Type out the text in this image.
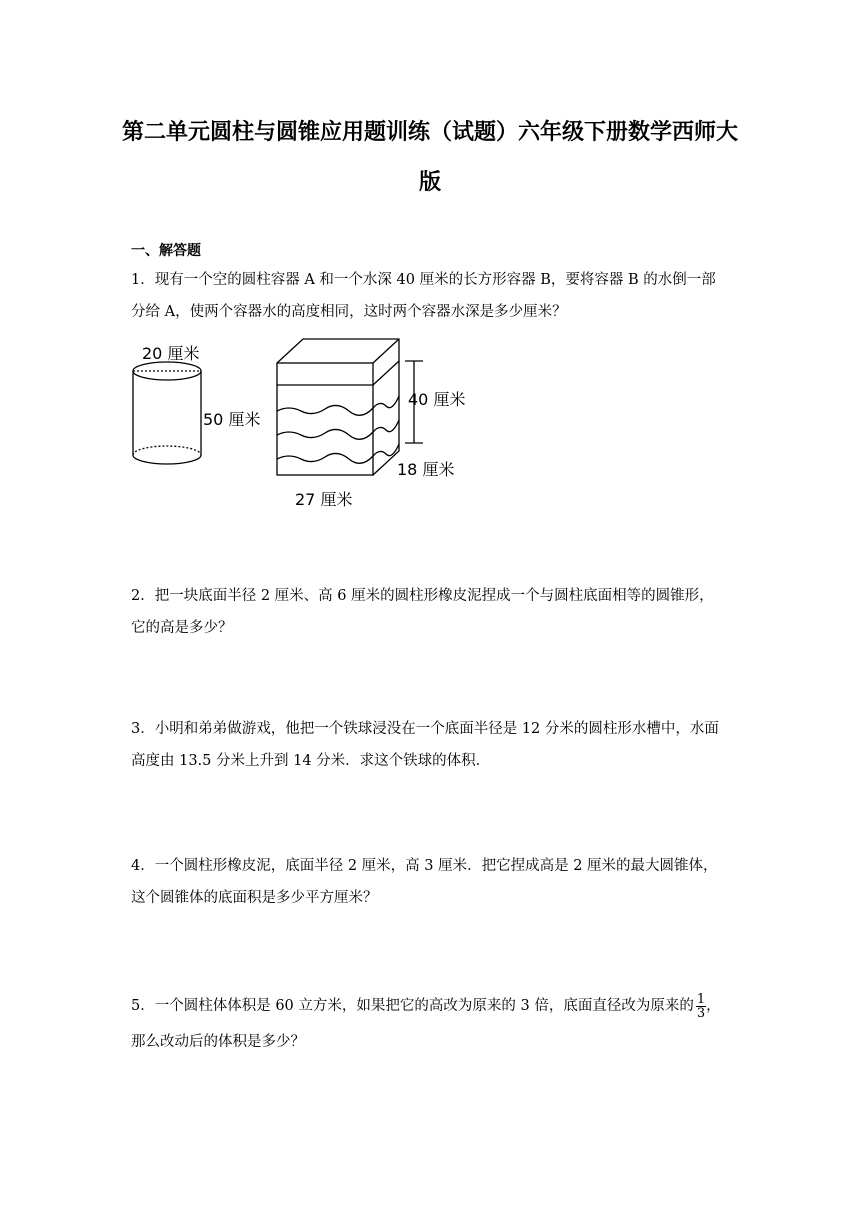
第二单元圆柱与圆锥应用题训练（试题）六年级下册数学西师大
版
一、解答题
1．现有一个空的圆柱容器 A 和一个水深 40 厘米的长方形容器 B，要将容器 B 的水倒一部
分给 A，使两个容器水的高度相同，这时两个容器水深是多少厘米？
20 厘米
50 厘米
40 厘米
18 厘米
27 厘米
2．把一块底面半径 2 厘米、高 6 厘米的圆柱形橡皮泥捏成一个与圆柱底面相等的圆锥形，
它的高是多少？
3．小明和弟弟做游戏，他把一个铁球浸没在一个底面半径是 12 分米的圆柱形水槽中，水面
高度由 13.5 分米上升到 14 分米．求这个铁球的体积．
4．一个圆柱形橡皮泥，底面半径 2 厘米，高 3 厘米．把它捏成高是 2 厘米的最大圆锥体，
这个圆锥体的底面积是多少平方厘米？
5．一个圆柱体体积是 60 立方米，如果把它的高改为原来的 3 倍，底面直径改为原来的 $\frac{1}{3}$ ，
那么改动后的体积是多少？
